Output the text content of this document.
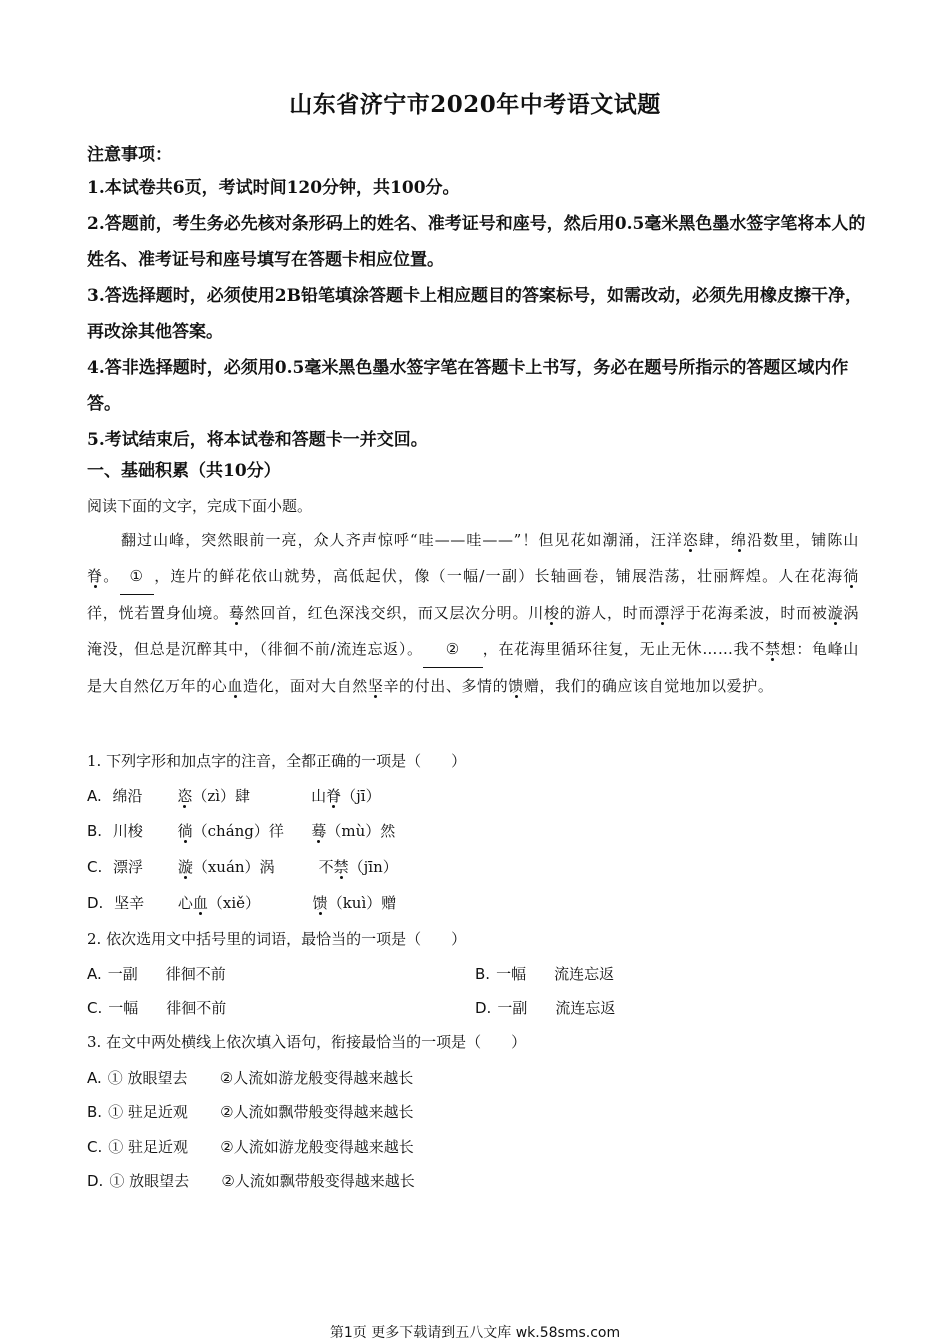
山东省济宁市2020年中考语文试题
注意事项：

1.本试卷共6页，考试时间120分钟，共100分。

2.答题前，考生务必先核对条形码上的姓名、准考证号和座号，然后用0.5毫米黑色墨水签字笔将本人的姓名、准考证号和座号填写在答题卡相应位置。

3.答选择题时，必须使用2B铅笔填涂答题卡上相应题目的答案标号，如需改动，必须先用橡皮擦干净，再改涂其他答案。

4.答非选择题时，必须用0.5毫米黑色墨水签字笔在答题卡上书写，务必在题号所指示的答题区域内作答。

5.考试结束后，将本试卷和答题卡一并交回。

一、基础积累（共10分）
阅读下面的文字，完成下面小题。

翻过山峰，突然眼前一亮，众人齐声惊呼“哇——哇——”！但见花如潮涌，汪洋恣肆，绵沿数里，铺陈山脊。 ① ，连片的鲜花依山就势，高低起伏，像（一幅/一副）长轴画卷，铺展浩荡，壮丽辉煌。人在花海徜徉，恍若置身仙境。蓦然回首，红色深浅交织，而又层次分明。川梭的游人，时而漂浮于花海柔波，时而被漩涡淹没，但总是沉醉其中，（徘徊不前/流连忘返）。 ② ，在花海里循环往复，无止无休……我不禁想：龟峰山是大自然亿万年的心血造化，面对大自然坚辛的付出、多情的馈赠，我们的确应该自觉地加以爱护。

1. 下列字形和加点字的注音，全都正确的一项是（　　）
A. 绵沿 恣（zì）肆	山脊（jī）
B. 川梭 徜（cháng）徉 蓦（mù）然
C. 漂浮 漩（xuán）涡	不禁（jīn）
D. 坚辛 心血（xiě）	馈（kuì）赠
2. 依次选用文中括号里的词语，最恰当的一项是（　　）
A. 一副 徘徊不前	B. 一幅 流连忘返
C. 一幅 徘徊不前	D. 一副 流连忘返
3. 在文中两处横线上依次填入语句，衔接最恰当的一项是（　　）
A. ① 放眼望去 ②人流如游龙般变得越来越长
B. ① 驻足近观 ②人流如飘带般变得越来越长
C. ① 驻足近观 ②人流如游龙般变得越来越长
D. ① 放眼望去 ②人流如飘带般变得越来越长
第1页 更多下载请到五八文库 wk.58sms.com
